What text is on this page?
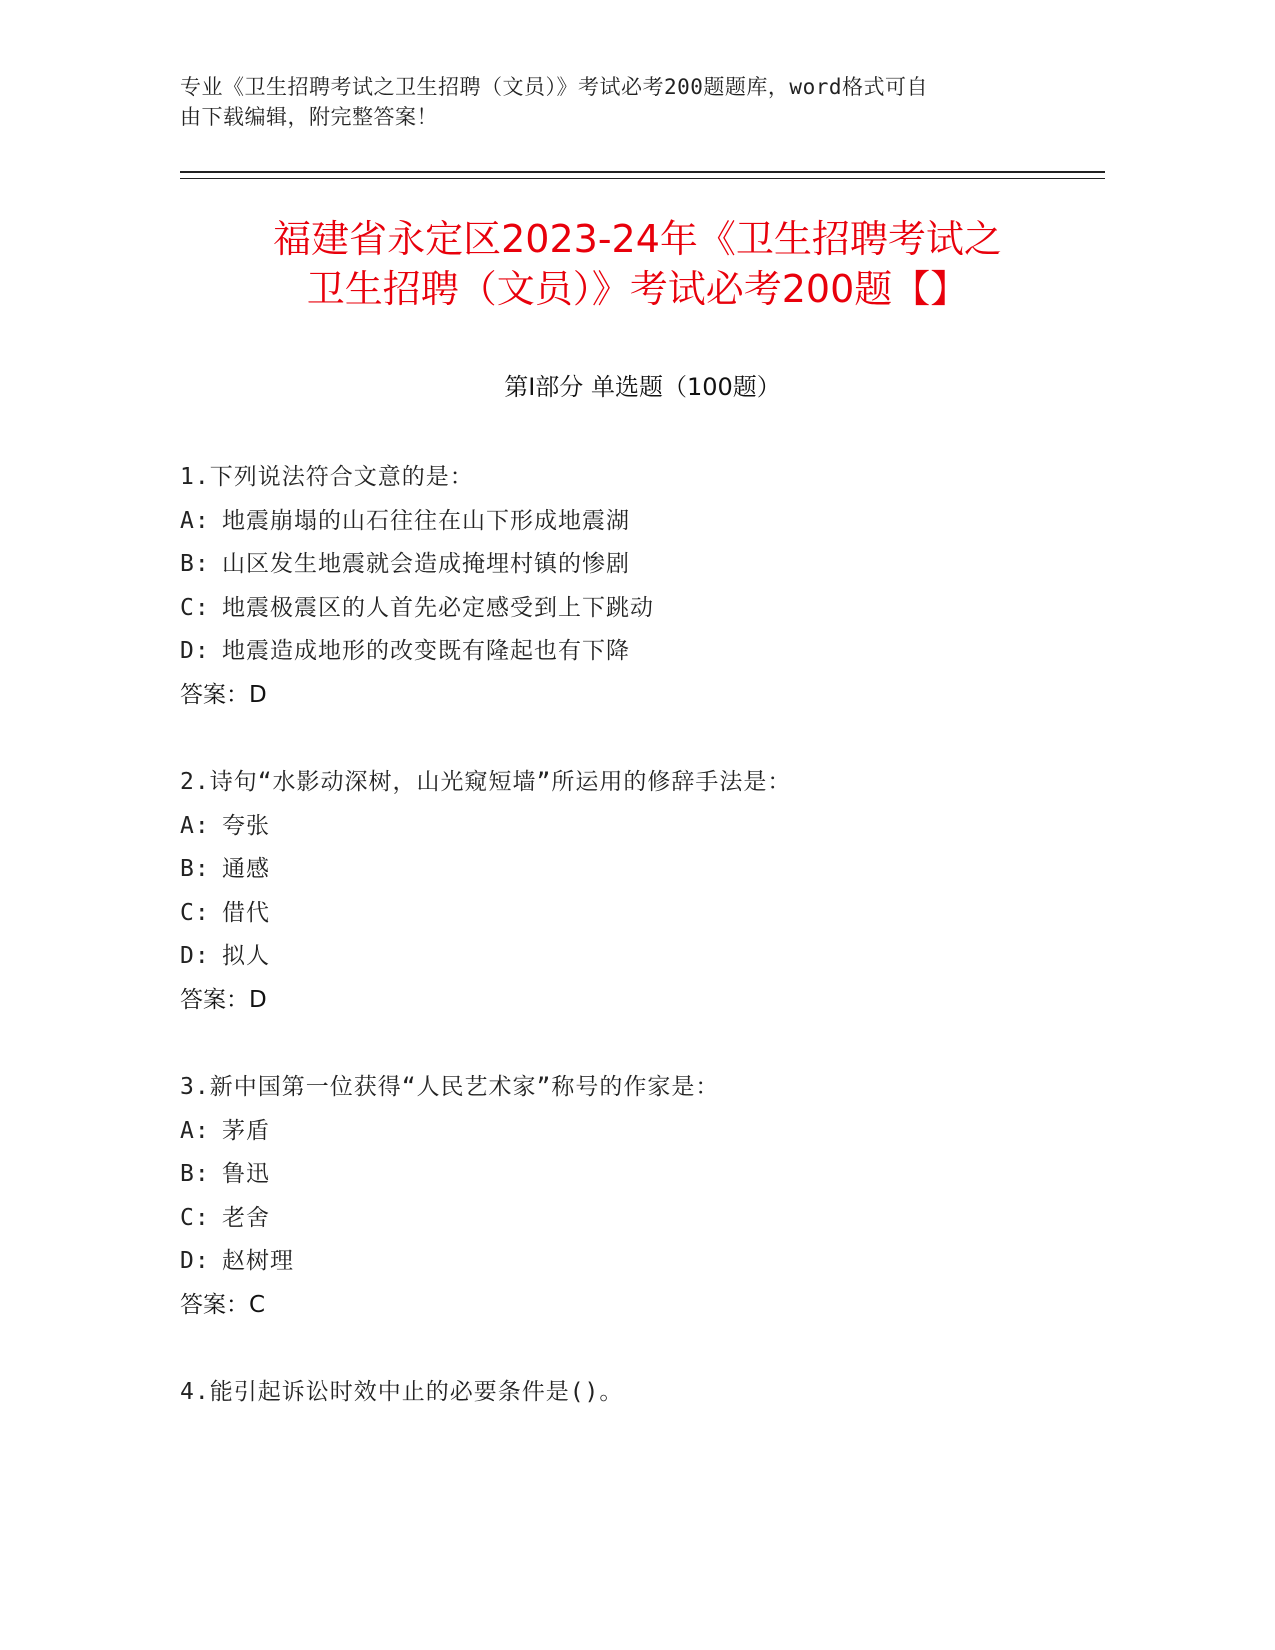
专业《卫生招聘考试之卫生招聘（文员）》考试必考200题题库，word格式可自
由下载编辑，附完整答案！
福建省永定区2023-24年《卫生招聘考试之
卫生招聘（文员）》考试必考200题【】
第Ⅰ部分 单选题（100题）
1.下列说法符合文意的是：
A: 地震崩塌的山石往往在山下形成地震湖
B: 山区发生地震就会造成掩埋村镇的惨剧
C: 地震极震区的人首先必定感受到上下跳动
D: 地震造成地形的改变既有隆起也有下降
答案：D
2.诗句“水影动深树，山光窥短墙”所运用的修辞手法是：
A: 夸张
B: 通感
C: 借代
D: 拟人
答案：D
3.新中国第一位获得“人民艺术家”称号的作家是：
A: 茅盾
B: 鲁迅
C: 老舍
D: 赵树理
答案：C
4.能引起诉讼时效中止的必要条件是()。
